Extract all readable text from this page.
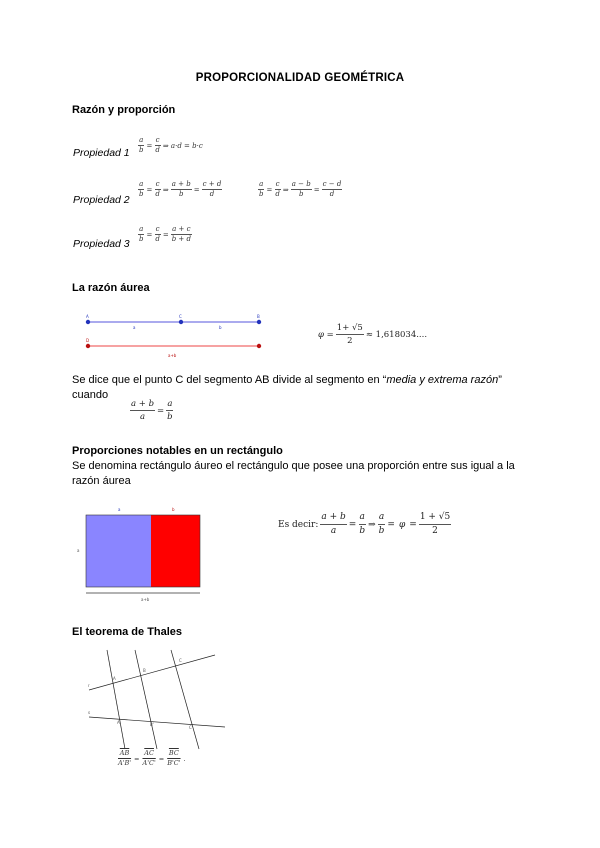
PROPORCIONALIDAD GEOMÉTRICA
Razón y proporción
Propiedad $1 \frac{a}{b} = \frac{c}{d}$ ⇒ a·d = b·c
Propiedad 2
$\frac{a}{b} = \frac{c}{d}$ ⇒ $\frac{a + b}{b} = \frac{c + d}{d}$	$\frac{a}{b} = \frac{c}{d}$ ⇒ $\frac{a - b}{b} = \frac{c - d}{d}$
Propiedad $3 \frac{a}{b} = \frac{c}{d} = \frac{a + c}{b + d}$
La razón áurea
A	C	B
a	b
D
a+b
$\varphi = \frac{1+ √5}{2} \approx 1,618034$....
Se dice que el punto C del segmento AB divide al segmento en “media y extrema razón”
cuando
$\frac{a + b}{a} = \frac{a}{b}$
Proporciones notables en un rectángulo
Se denomina rectángulo áureo el rectángulo que posee una proporción entre sus igual a la razón áurea
a	b
a
a+b
Es decir: $\frac{a + b}{a} = \frac{a}{b}$ ⇒ $\frac{a}{b} = \varphi = \frac{1 + √5}{2}$
El teorema de Thales
r
s
A
B
C
A'	B'
C'
$\frac{\overline{AB}}{A'B'} = \frac{\overline{AC}}{A'C'} = \frac{\overline{BC}}{B'C'}$ .
